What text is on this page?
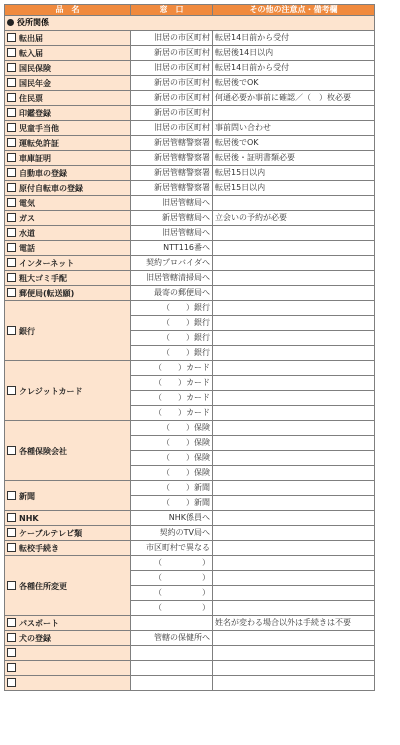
品　名	窓　口	その他の注意点・備考欄
役所関係		
転出届	旧居の市区町村	転居14日前から受付
転入届	新居の市区町村	転居後14日以内
国民保険	旧居の市区町村	転居14日前から受付
国民年金	新居の市区町村	転居後でOK
住民票	新居の市区町村	何通必要か事前に確認／（　）枚必要
印鑑登録	新居の市区町村	
児童手当他	旧居の市区町村	事前問い合わせ
運転免許証	新居管轄警察署	転居後でOK
車庫証明	新居管轄警察署	転居後・証明書類必要
自動車の登録	新居管轄警察署	転居15日以内
原付自転車の登録	新居管轄警察署	転居15日以内
電気	旧居管轄局へ	
ガス	新居管轄局へ	立会いの予約が必要
水道	旧居管轄局へ	
電話	NTT116番へ	
インターネット	契約プロバイダへ	
粗大ゴミ手配	旧居管轄清掃局へ	
郵便局(転送願)	最寄の郵便局へ	
銀行	（　　）銀行	
	（　　）銀行	
	（　　）銀行	
	（　　）銀行	
クレジットカード	（　　）カード	
	（　　）カード	
	（　　）カード	
	（　　）カード	
各種保険会社	（　　）保険	
	（　　）保険	
	（　　）保険	
	（　　）保険	
新聞	（　　）新聞	
	（　　）新聞	
NHK	NHK係員へ	
ケーブルテレビ類	契約のTV局へ	
転校手続き	市区町村で異なる	
各種住所変更	（　　　　　）	
	（　　　　　）	
	（　　　　　）	
	（　　　　　）	
パスポート		姓名が変わる場合以外は手続きは不要
犬の登録	管轄の保健所へ	
